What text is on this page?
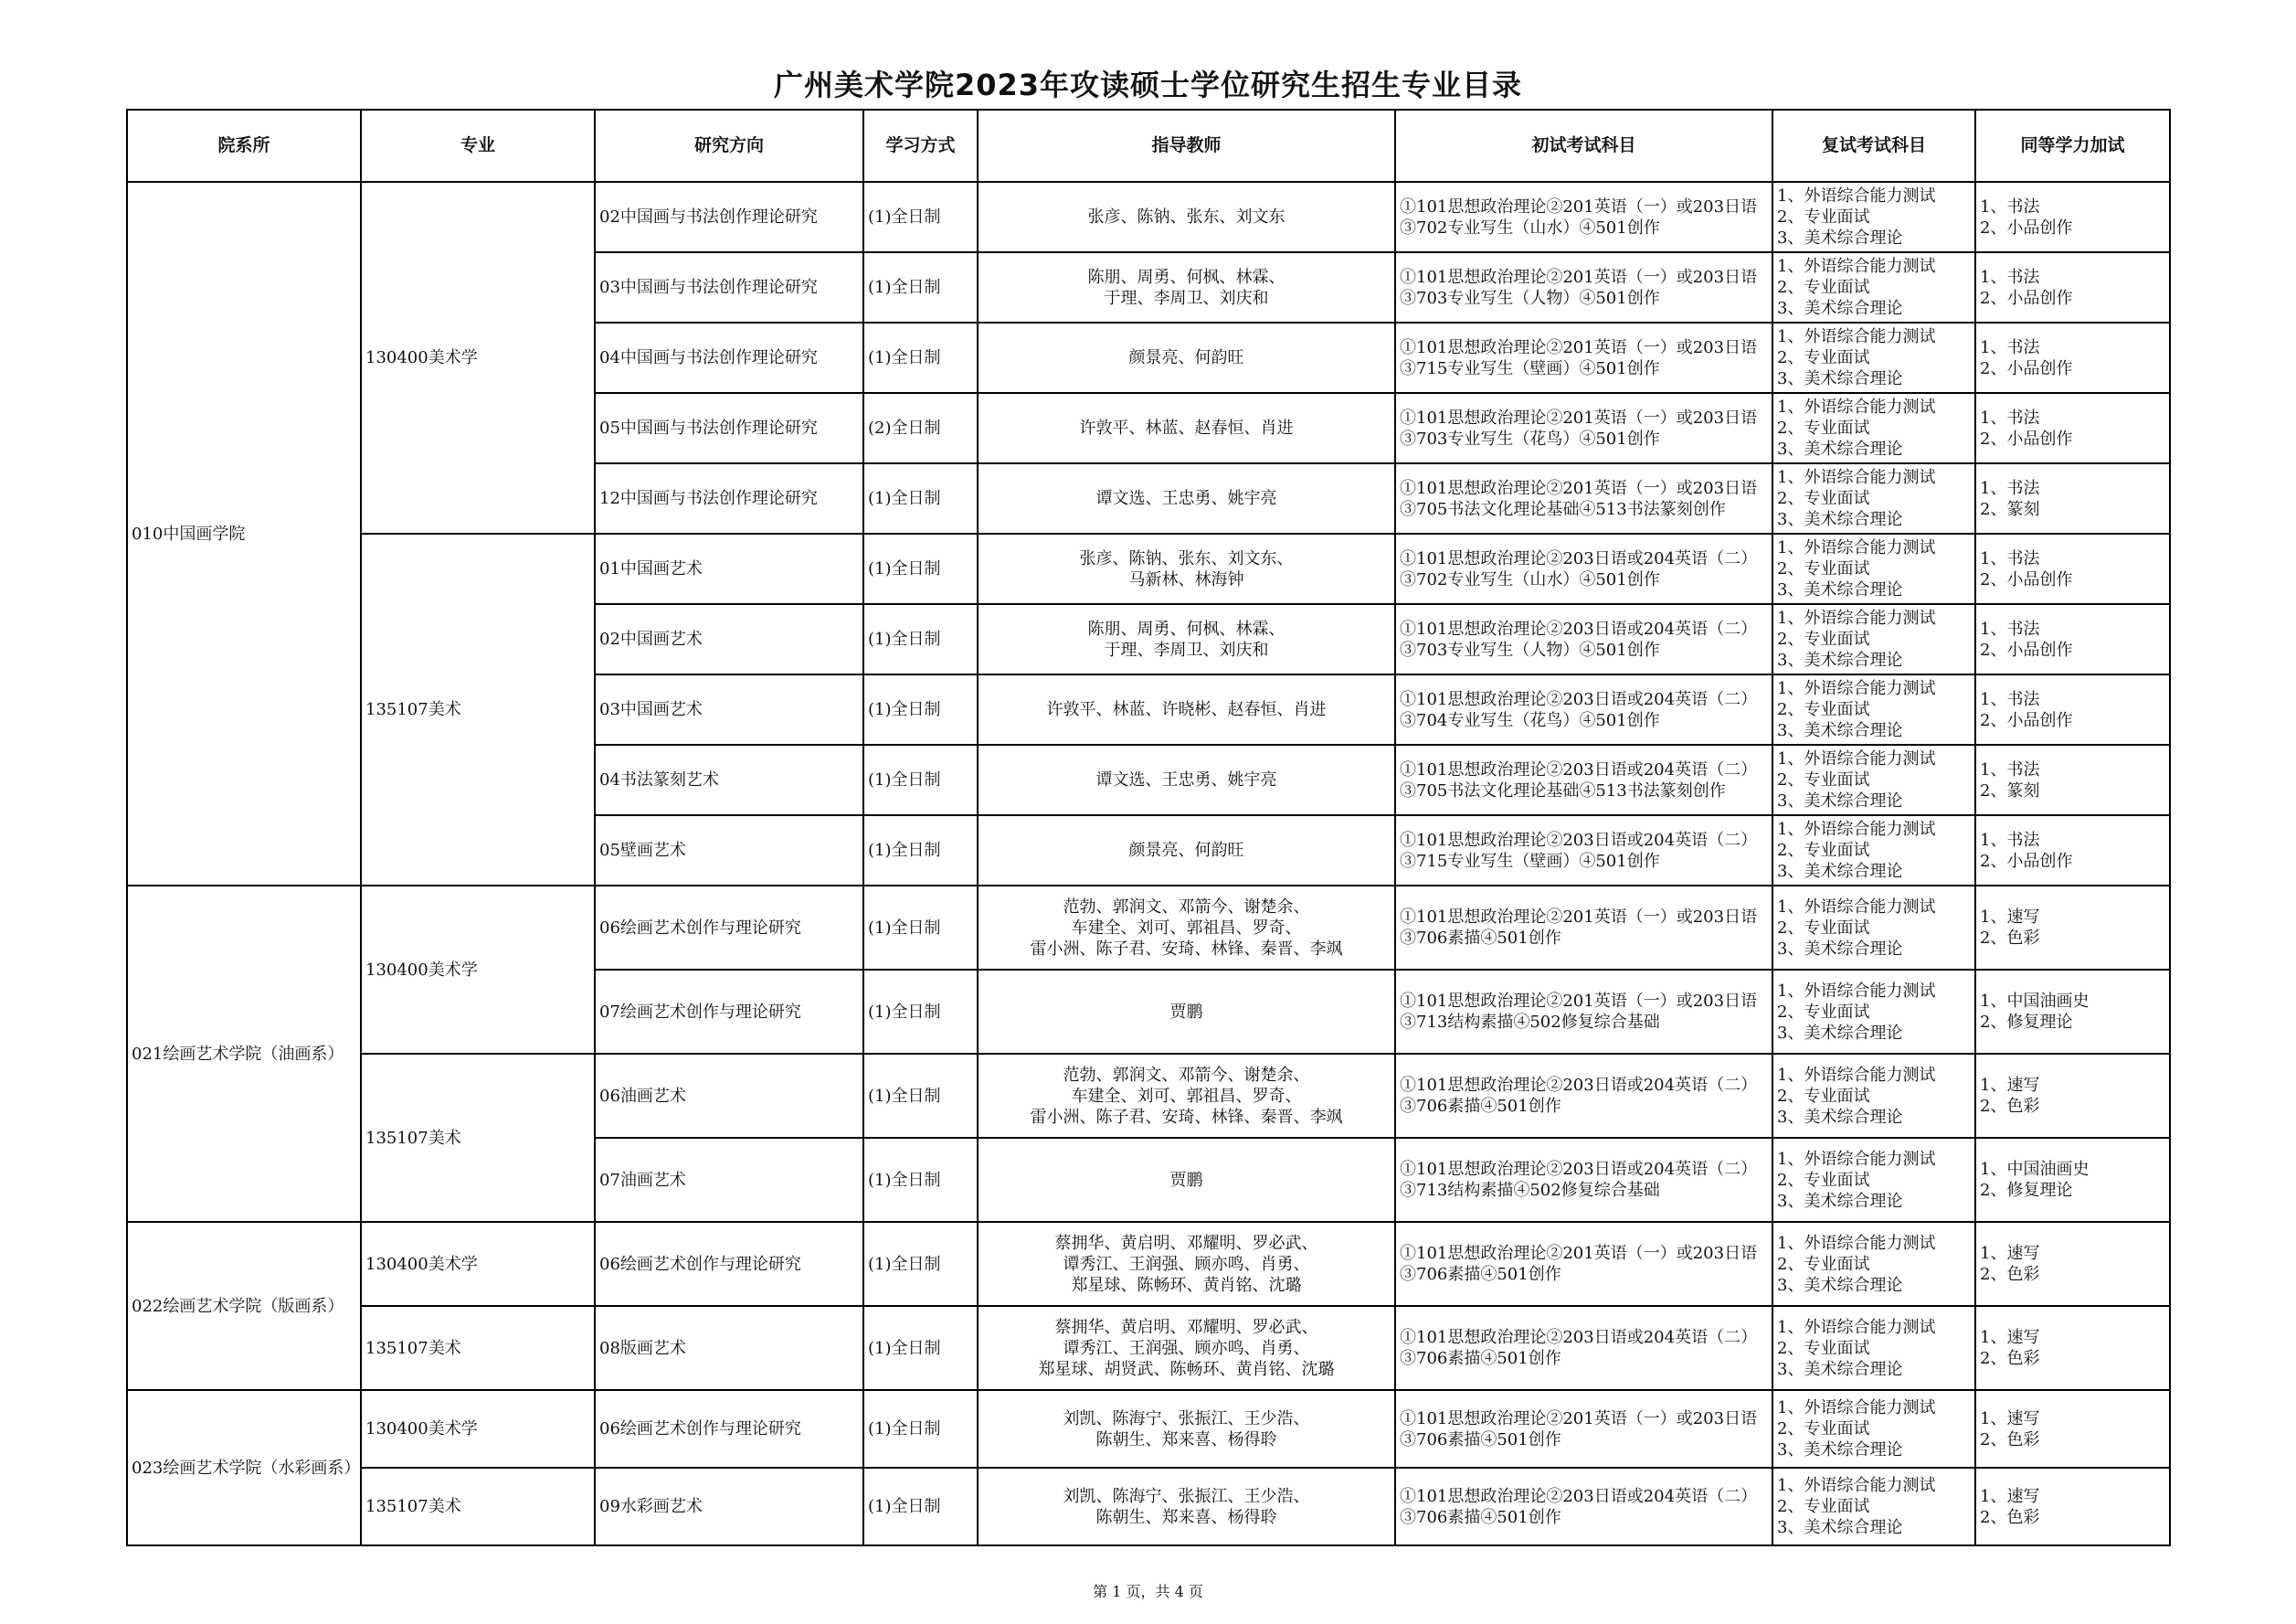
广州美术学院2023年攻读硕士学位研究生招生专业目录
院系所	专业	研究方向	学习方式	指导教师	初试考试科目	复试考试科目	同等学力加试
010中国画学院	130400美术学	02中国画与书法创作理论研究	(1)全日制	张彦、陈钠、张东、刘文东	①101思想政治理论②201英语（一）或203日语
③702专业写生（山水）④501创作	1、外语综合能力测试
2、专业面试
3、美术综合理论	1、书法
2、小品创作
		03中国画与书法创作理论研究	(1)全日制	陈朋、周勇、何枫、林霖、
于理、李周卫、刘庆和	①101思想政治理论②201英语（一）或203日语
③703专业写生（人物）④501创作	1、外语综合能力测试
2、专业面试
3、美术综合理论	1、书法
2、小品创作
		04中国画与书法创作理论研究	(1)全日制	颜景亮、何韵旺	①101思想政治理论②201英语（一）或203日语
③715专业写生（壁画）④501创作	1、外语综合能力测试
2、专业面试
3、美术综合理论	1、书法
2、小品创作
		05中国画与书法创作理论研究	(2)全日制	许敦平、林蓝、赵春恒、肖进	①101思想政治理论②201英语（一）或203日语
③703专业写生（花鸟）④501创作	1、外语综合能力测试
2、专业面试
3、美术综合理论	1、书法
2、小品创作
		12中国画与书法创作理论研究	(1)全日制	谭文选、王忠勇、姚宇亮	①101思想政治理论②201英语（一）或203日语
③705书法文化理论基础④513书法篆刻创作	1、外语综合能力测试
2、专业面试
3、美术综合理论	1、书法
2、篆刻
	135107美术	01中国画艺术	(1)全日制	张彦、陈钠、张东、刘文东、
马新林、林海钟	①101思想政治理论②203日语或204英语（二）
③702专业写生（山水）④501创作	1、外语综合能力测试
2、专业面试
3、美术综合理论	1、书法
2、小品创作
		02中国画艺术	(1)全日制	陈朋、周勇、何枫、林霖、
于理、李周卫、刘庆和	①101思想政治理论②203日语或204英语（二）
③703专业写生（人物）④501创作	1、外语综合能力测试
2、专业面试
3、美术综合理论	1、书法
2、小品创作
		03中国画艺术	(1)全日制	许敦平、林蓝、许晓彬、赵春恒、肖进	①101思想政治理论②203日语或204英语（二）
③704专业写生（花鸟）④501创作	1、外语综合能力测试
2、专业面试
3、美术综合理论	1、书法
2、小品创作
		04书法篆刻艺术	(1)全日制	谭文选、王忠勇、姚宇亮	①101思想政治理论②203日语或204英语（二）
③705书法文化理论基础④513书法篆刻创作	1、外语综合能力测试
2、专业面试
3、美术综合理论	1、书法
2、篆刻
		05壁画艺术	(1)全日制	颜景亮、何韵旺	①101思想政治理论②203日语或204英语（二）
③715专业写生（壁画）④501创作	1、外语综合能力测试
2、专业面试
3、美术综合理论	1、书法
2、小品创作
021绘画艺术学院（油画系）	130400美术学	06绘画艺术创作与理论研究	(1)全日制	范勃、郭润文、邓箭今、谢楚余、
车建全、刘可、郭祖昌、罗奇、
雷小洲、陈子君、安琦、林锋、秦晋、李飒	①101思想政治理论②201英语（一）或203日语
③706素描④501创作	1、外语综合能力测试
2、专业面试
3、美术综合理论	1、速写
2、色彩
		07绘画艺术创作与理论研究	(1)全日制	贾鹏	①101思想政治理论②201英语（一）或203日语
③713结构素描④502修复综合基础	1、外语综合能力测试
2、专业面试
3、美术综合理论	1、中国油画史
2、修复理论
	135107美术	06油画艺术	(1)全日制	范勃、郭润文、邓箭今、谢楚余、
车建全、刘可、郭祖昌、罗奇、
雷小洲、陈子君、安琦、林锋、秦晋、李飒	①101思想政治理论②203日语或204英语（二）
③706素描④501创作	1、外语综合能力测试
2、专业面试
3、美术综合理论	1、速写
2、色彩
		07油画艺术	(1)全日制	贾鹏	①101思想政治理论②203日语或204英语（二）
③713结构素描④502修复综合基础	1、外语综合能力测试
2、专业面试
3、美术综合理论	1、中国油画史
2、修复理论
022绘画艺术学院（版画系）	130400美术学	06绘画艺术创作与理论研究	(1)全日制	蔡拥华、黄启明、邓耀明、罗必武、
谭秀江、王润强、顾亦鸣、肖勇、
郑星球、陈畅环、黄肖铭、沈璐	①101思想政治理论②201英语（一）或203日语
③706素描④501创作	1、外语综合能力测试
2、专业面试
3、美术综合理论	1、速写
2、色彩
	135107美术	08版画艺术	(1)全日制	蔡拥华、黄启明、邓耀明、罗必武、
谭秀江、王润强、顾亦鸣、肖勇、
郑星球、胡贤武、陈畅环、黄肖铭、沈璐	①101思想政治理论②203日语或204英语（二）
③706素描④501创作	1、外语综合能力测试
2、专业面试
3、美术综合理论	1、速写
2、色彩
023绘画艺术学院（水彩画系）	130400美术学	06绘画艺术创作与理论研究	(1)全日制	刘凯、陈海宁、张振江、王少浩、
陈朝生、郑来喜、杨得聆	①101思想政治理论②201英语（一）或203日语
③706素描④501创作	1、外语综合能力测试
2、专业面试
3、美术综合理论	1、速写
2、色彩
	135107美术	09水彩画艺术	(1)全日制	刘凯、陈海宁、张振江、王少浩、
陈朝生、郑来喜、杨得聆	①101思想政治理论②203日语或204英语（二）
③706素描④501创作	1、外语综合能力测试
2、专业面试
3、美术综合理论	1、速写
2、色彩
第 1 页，共 4 页
